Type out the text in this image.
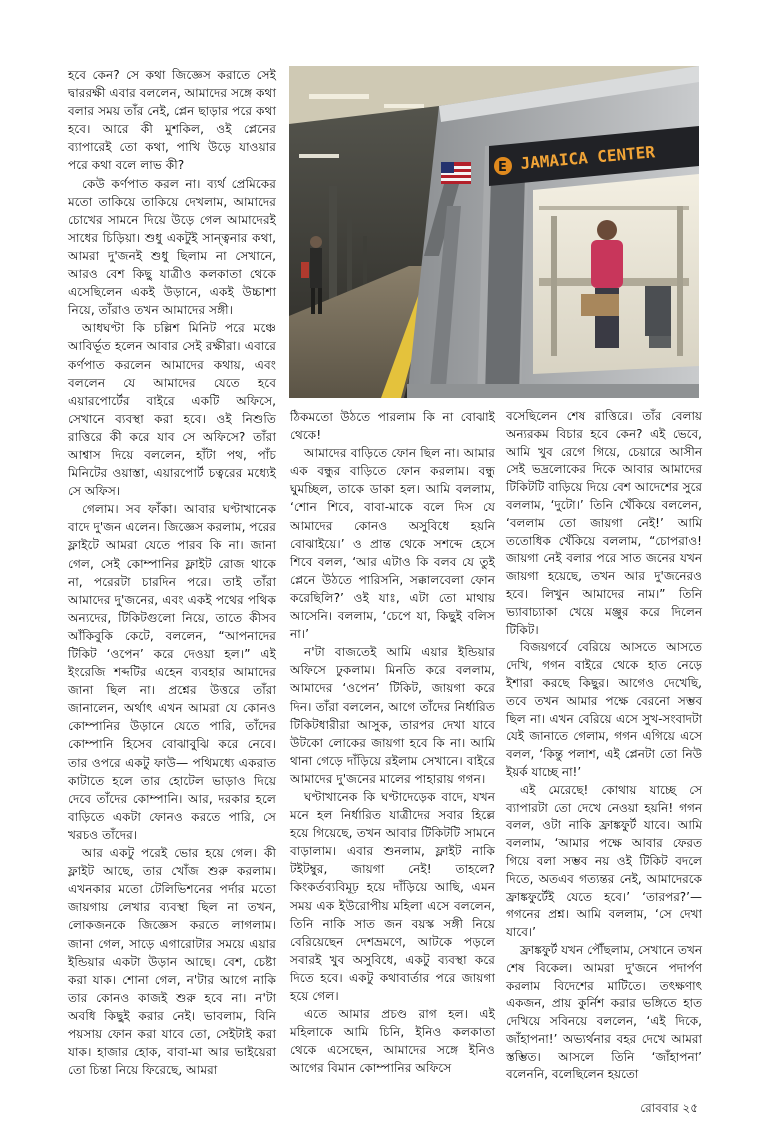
হবে কেন? সে কথা জিজ্ঞেস করাতে সেই দ্বাররক্ষী এবার বললেন, আমাদের সঙ্গে কথা বলার সময় তাঁর নেই, প্লেন ছাড়ার পরে কথা হবে। আরে কী মুশকিল, ওই প্লেনের ব্যাপারেই তো কথা, পাখি উড়ে যাওয়ার পরে কথা বলে লাভ কী?

কেউ কর্ণপাত করল না। ব্যর্থ প্রেমিকের মতো তাকিয়ে তাকিয়ে দেখলাম, আমাদের চোখের সামনে দিয়ে উড়ে গেল আমাদেরই সাধের চিড়িয়া। শুধু একটুই সান্ত্বনার কথা, আমরা দু'জনই শুধু ছিলাম না সেখানে, আরও বেশ কিছু যাত্রীও কলকাতা থেকে এসেছিলেন একই উড়ানে, একই উচ্চাশা নিয়ে, তাঁরাও তখন আমাদের সঙ্গী।

আধঘণ্টা কি চল্লিশ মিনিট পরে মঞ্চে আবির্ভূত হলেন আবার সেই রক্ষীরা। এবারে কর্ণপাত করলেন আমাদের কথায়, এবং বললেন যে আমাদের যেতে হবে এয়ারপোর্টের বাইরে একটি অফিসে, সেখানে ব্যবস্থা করা হবে। ওই নিশুতি রাত্তিরে কী করে যাব সে অফিসে? তাঁরা আশ্বাস দিয়ে বললেন, হাঁটা পথ, পাঁচ মিনিটের ওয়াস্তা, এয়ারপোর্ট চত্বরের মধ্যেই সে অফিস।

গেলাম। সব ফাঁকা। আবার ঘণ্টাখানেক বাদে দু'জন এলেন। জিজ্ঞেস করলাম, পরের ফ্লাইটে আমরা যেতে পারব কি না। জানা গেল, সেই কোম্পানির ফ্লাইট রোজ থাকে না, পরেরটা চারদিন পরে। তাই তাঁরা আমাদের দু'জনের, এবং একই পথের পথিক অন্যদের, টিকিটগুলো নিয়ে, তাতে কীসব আঁকিবুকি কেটে, বললেন, “আপনাদের টিকিট ‘ওপেন’ করে দেওয়া হল।” এই ইংরেজি শব্দটির এহেন ব্যবহার আমাদের জানা ছিল না। প্রশ্নের উত্তরে তাঁরা জানালেন, অর্থাৎ এখন আমরা যে কোনও কোম্পানির উড়ানে যেতে পারি, তাঁদের কোম্পানি হিসেব বোঝাবুঝি করে নেবে। তার ওপরে একটু ফাউ— পথিমধ্যে একরাত কাটাতে হলে তার হোটেল ভাড়াও দিয়ে দেবে তাঁদের কোম্পানি। আর, দরকার হলে বাড়িতে একটা ফোনও করতে পারি, সে খরচও তাঁদের।

আর একটু পরেই ভোর হয়ে গেল। কী ফ্লাইট আছে, তার খোঁজ শুরু করলাম। এখনকার মতো টেলিভিশনের পর্দার মতো জায়গায় লেখার ব্যবস্থা ছিল না তখন, লোকজনকে জিজ্ঞেস করতে লাগলাম। জানা গেল, সাড়ে এগারোটার সময়ে এয়ার ইন্ডিয়ার একটা উড়ান আছে। বেশ, চেষ্টা করা যাক। শোনা গেল, ন'টার আগে নাকি তার কোনও কাজই শুরু হবে না। ন'টা অবধি কিছুই করার নেই। ভাবলাম, বিনি পয়সায় ফোন করা যাবে তো, সেইটাই করা যাক। হাজার হোক, বাবা-মা আর ভাইয়েরা তো চিন্তা নিয়ে ফিরেছে, আমরা

E JAMAICA CENTER

ঠিকমতো উঠতে পারলাম কি না বোঝাই থেকে!

আমাদের বাড়িতে ফোন ছিল না। আমার এক বন্ধুর বাড়িতে ফোন করলাম। বন্ধু ঘুমচ্ছিল, তাকে ডাকা হল। আমি বললাম, ‘শোন শিবে, বাবা-মাকে বলে দিস যে আমাদের কোনও অসুবিধে হয়নি বোঝাইয়ে।’ ও প্রান্ত থেকে সশব্দে হেসে শিবে বলল, ‘আর এটাও কি বলব যে তুই প্লেনে উঠতে পারিসনি, সক্কালবেলা ফোন করেছিলি?’ ওই যাঃ, এটা তো মাথায় আসেনি। বললাম, ‘চেপে যা, কিছুই বলিস না।’

ন'টা বাজতেই আমি এয়ার ইন্ডিয়ার অফিসে ঢুকলাম। মিনতি করে বললাম, আমাদের ‘ওপেন’ টিকিট, জায়গা করে দিন। তাঁরা বললেন, আগে তাঁদের নির্ধারিত টিকিটধারীরা আসুক, তারপর দেখা যাবে উটকো লোকের জায়গা হবে কি না। আমি থানা গেড়ে দাঁড়িয়ে রইলাম সেখানে। বাইরে আমাদের দু'জনের মালের পাহারায় গগন।

ঘণ্টাখানেক কি ঘণ্টাদেড়েক বাদে, যখন মনে হল নির্ধারিত যাত্রীদের সবার হিল্লে হয়ে গিয়েছে, তখন আবার টিকিটটি সামনে বাড়ালাম। এবার শুনলাম, ফ্লাইট নাকি টইটম্বুর, জায়গা নেই! তাহলে? কিংকর্তব্যবিমূঢ় হয়ে দাঁড়িয়ে আছি, এমন সময় এক ইউরোপীয় মহিলা এসে বললেন, তিনি নাকি সাত জন বয়স্ক সঙ্গী নিয়ে বেরিয়েছেন দেশভ্রমণে, আটকে পড়লে সবারই খুব অসুবিধে, একটু ব্যবস্থা করে দিতে হবে। একটু কথাবার্তার পরে জায়গা হয়ে গেল।

এতে আমার প্রচণ্ড রাগ হল। এই মহিলাকে আমি চিনি, ইনিও কলকাতা থেকে এসেছেন, আমাদের সঙ্গে ইনিও আগের বিমান কোম্পানির অফিসে

বসেছিলেন শেষ রাত্তিরে। তাঁর বেলায় অন্যরকম বিচার হবে কেন? এই ভেবে, আমি খুব রেগে গিয়ে, চেয়ারে আসীন সেই ভদ্রলোকের দিকে আবার আমাদের টিকিটটি বাড়িয়ে দিয়ে বেশ আদেশের সুরে বললাম, ‘দুটো।’ তিনি খেঁকিয়ে বললেন, ‘বললাম তো জায়গা নেই!’ আমি ততোধিক খেঁকিয়ে বললাম, “চোপরাও! জায়গা নেই বলার পরে সাত জনের যখন জায়গা হয়েছে, তখন আর দু'জনেরও হবে। লিখুন আমাদের নাম।” তিনি ভ্যাবাচ্যাকা খেয়ে মঞ্জুর করে দিলেন টিকিট।

বিজয়গর্বে বেরিয়ে আসতে আসতে দেখি, গগন বাইরে থেকে হাত নেড়ে ইশারা করছে কিছুর। আগেও দেখেছি, তবে তখন আমার পক্ষে বেরনো সম্ভব ছিল না। এখন বেরিয়ে এসে সুখ-সংবাদটা যেই জানাতে গেলাম, গগন এগিয়ে এসে বলল, ‘কিন্তু পলাশ, এই প্লেনটা তো নিউ ইয়র্ক যাচ্ছে না!’

এই মেরেছে! কোথায় যাচ্ছে সে ব্যাপারটা তো দেখে নেওয়া হয়নি! গগন বলল, ওটা নাকি ফ্রাঙ্কফুর্ট যাবে। আমি বললাম, ‘আমার পক্ষে আবার ফেরত গিয়ে বলা সম্ভব নয় ওই টিকিট বদলে দিতে, অতএব গত্যন্তর নেই, আমাদেরকে ফ্রাঙ্কফুর্টেই যেতে হবে।’ ‘তারপর?’— গগনের প্রশ্ন। আমি বললাম, ‘সে দেখা যাবে।’

ফ্রাঙ্কফুর্ট যখন পৌঁছলাম, সেখানে তখন শেষ বিকেল। আমরা দু'জনে পদার্পণ করলাম বিদেশের মাটিতে। তৎক্ষণাৎ একজন, প্রায় কুর্নিশ করার ভঙ্গিতে হাত দেখিয়ে সবিনয়ে বললেন, ‘এই দিকে, জাঁহাপনা!’ অভ্যর্থনার বহর দেখে আমরা স্তম্ভিত। আসলে তিনি ‘জাঁহাপনা’ বলেননি, বলেছিলেন হয়তো

রোববার ২৫
